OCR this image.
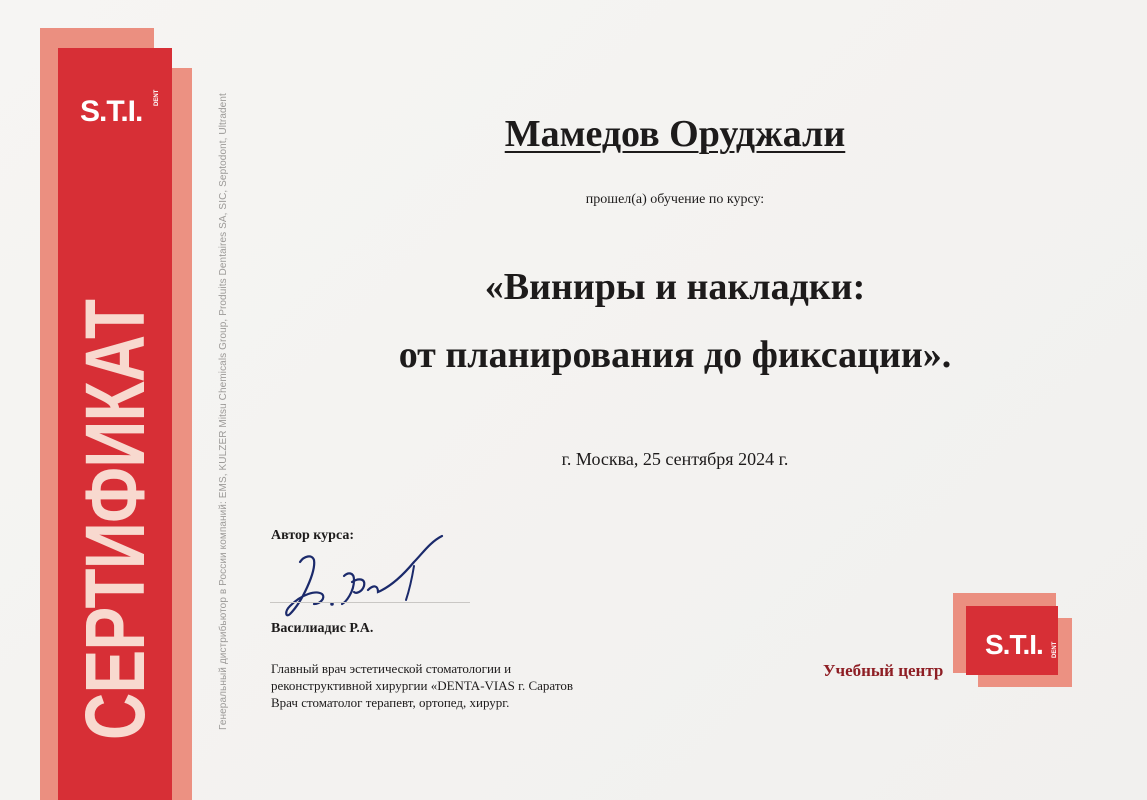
S.T.I. DENT
СЕРТИФИКАТ	Генеральный дистрибьютор в России компаний: EMS, KULZER Mitsu Chemicals Group, Produits Dentaires SA, SIC, Septodont, Ultradent	Мамедов Оруджали
прошел(а) обучение по курсу:
«Виниры и накладки:
от планирования до фиксации».
г. Москва, 25 сентября 2024 г.
Автор курса:
Василиадис Р.А.
Главный врач эстетической стоматологии и
реконструктивной хирургии «DENTA-VIAS г. Саратов
Врач стоматолог терапевт, ортопед, хирург.
S.T.I. DENT
Учебный центр
